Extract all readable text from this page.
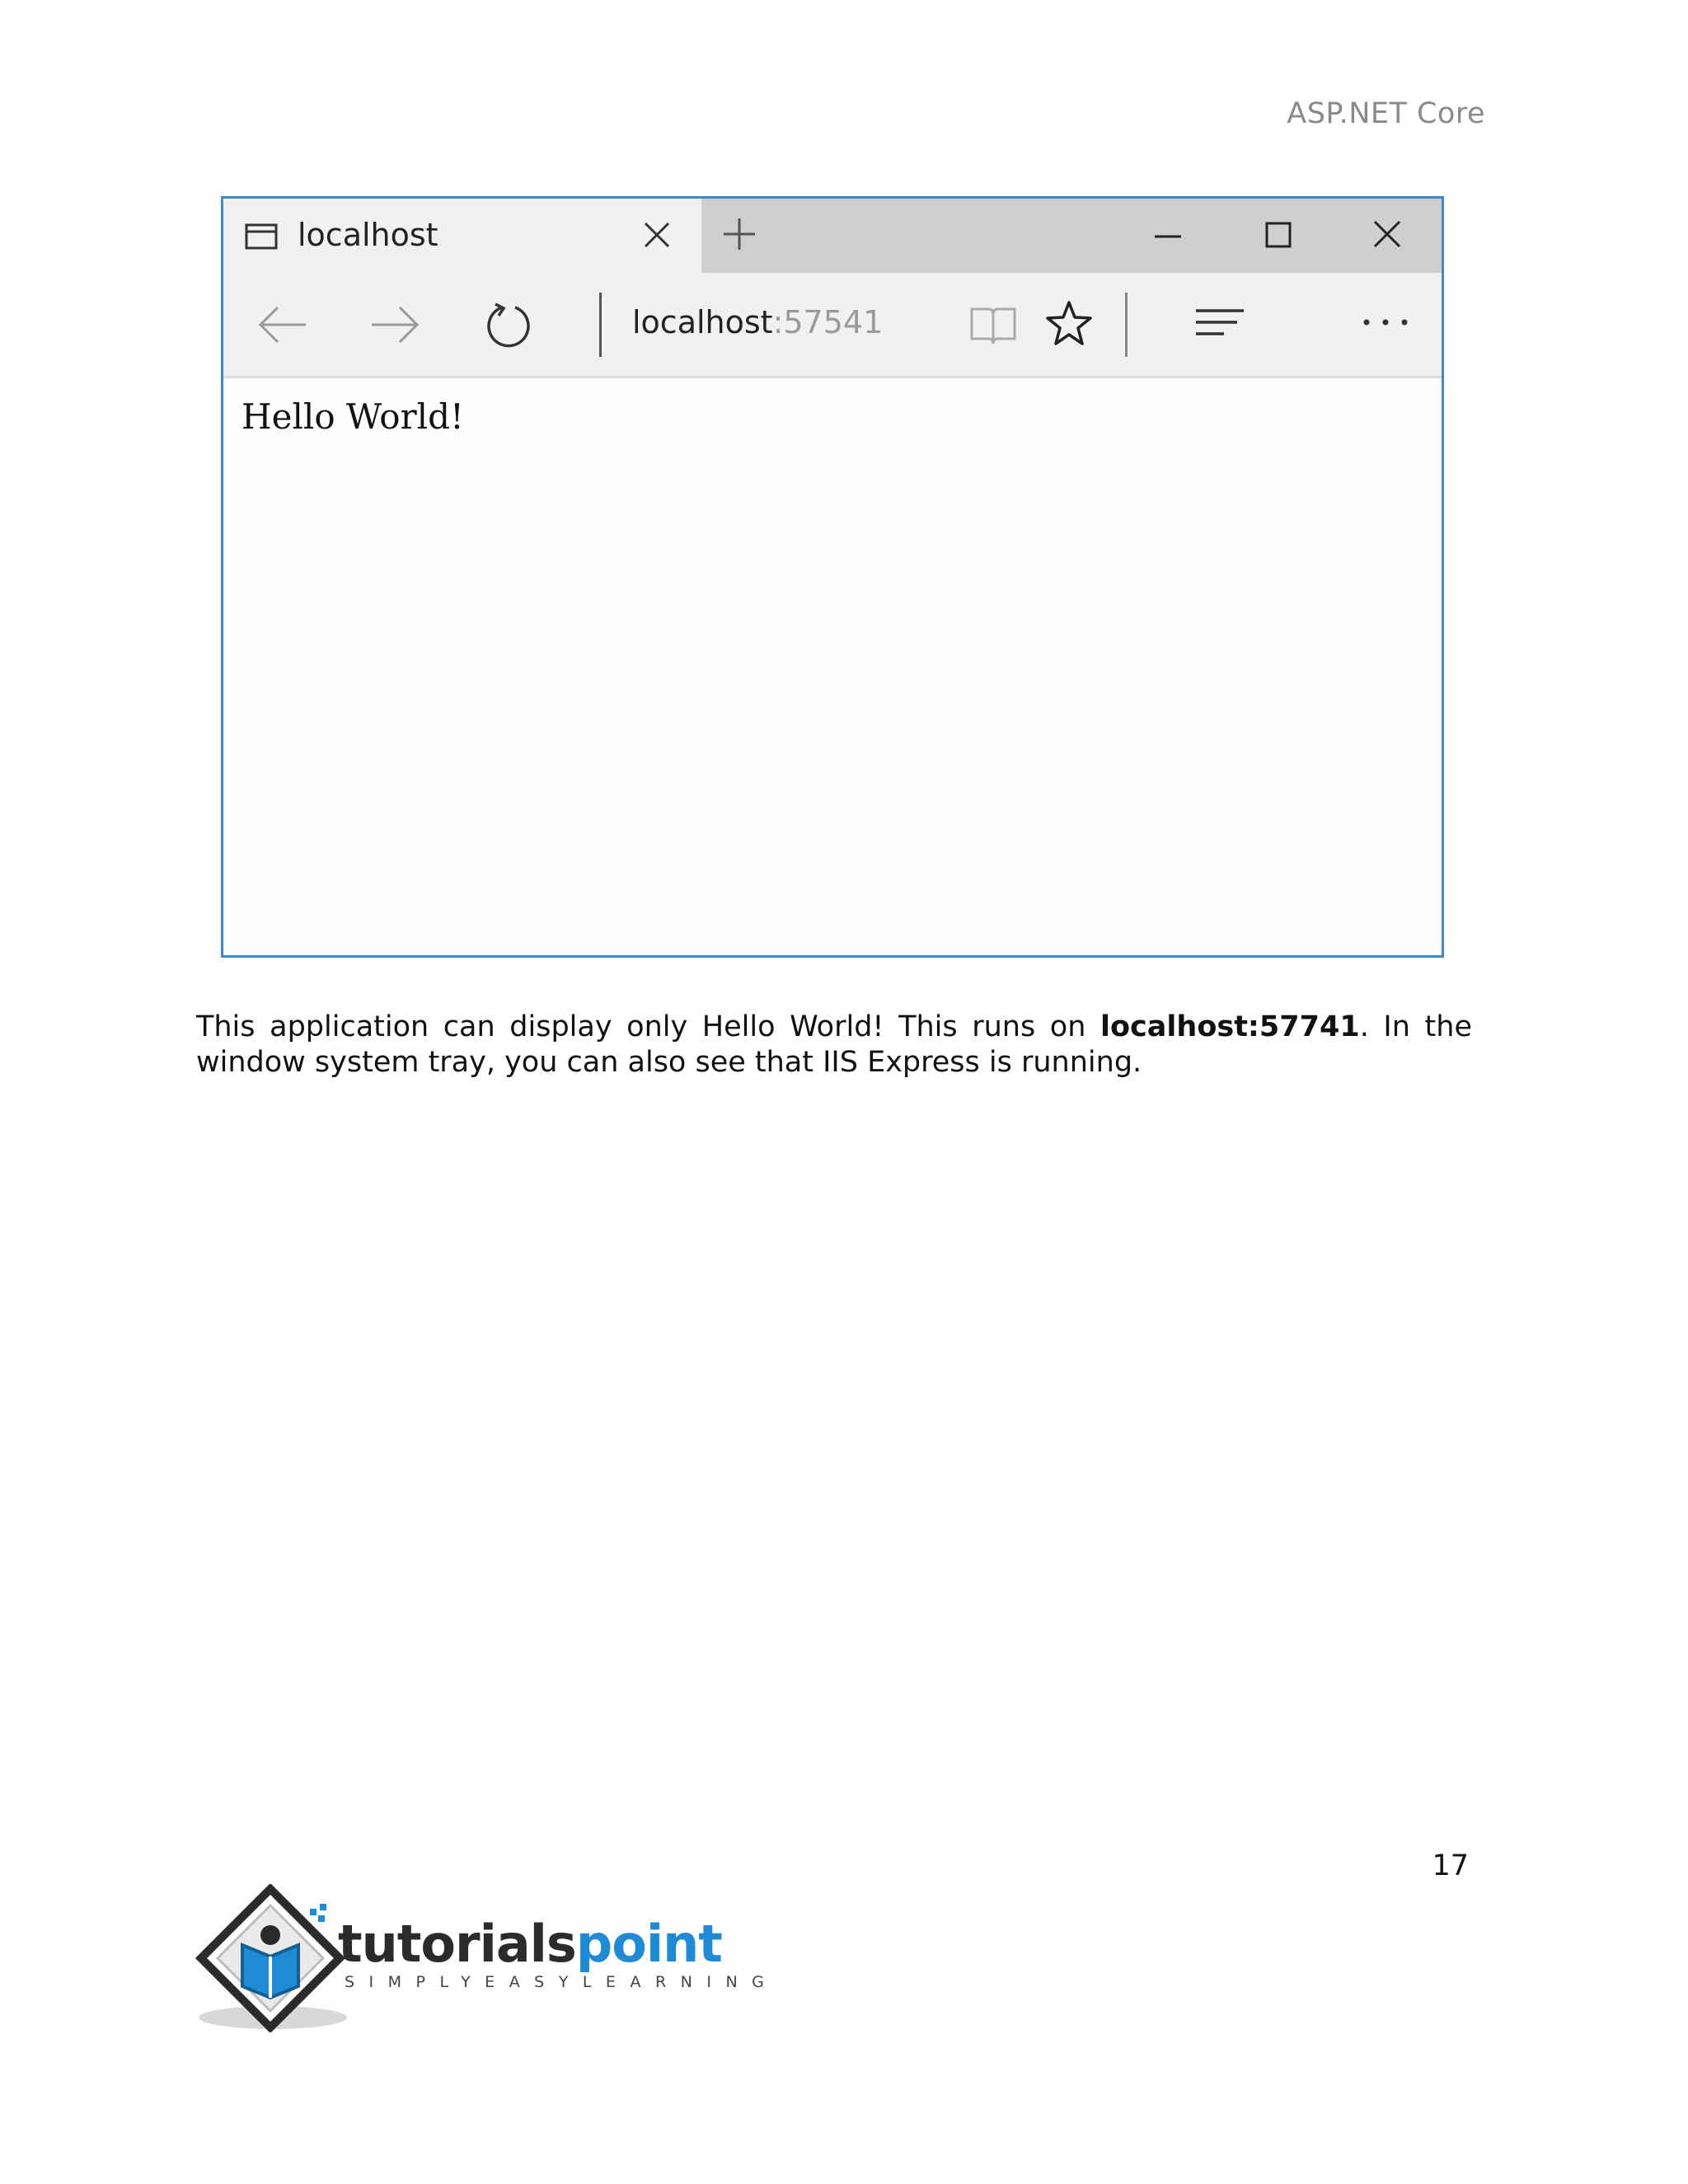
ASP.NET Core
localhost
localhost:57541
Hello World!

This application can display only Hello World! This runs on localhost:57741. In the window system tray, you can also see that IIS Express is running.

17
tutorialspoint
SIMPLYEASYLEARNING
